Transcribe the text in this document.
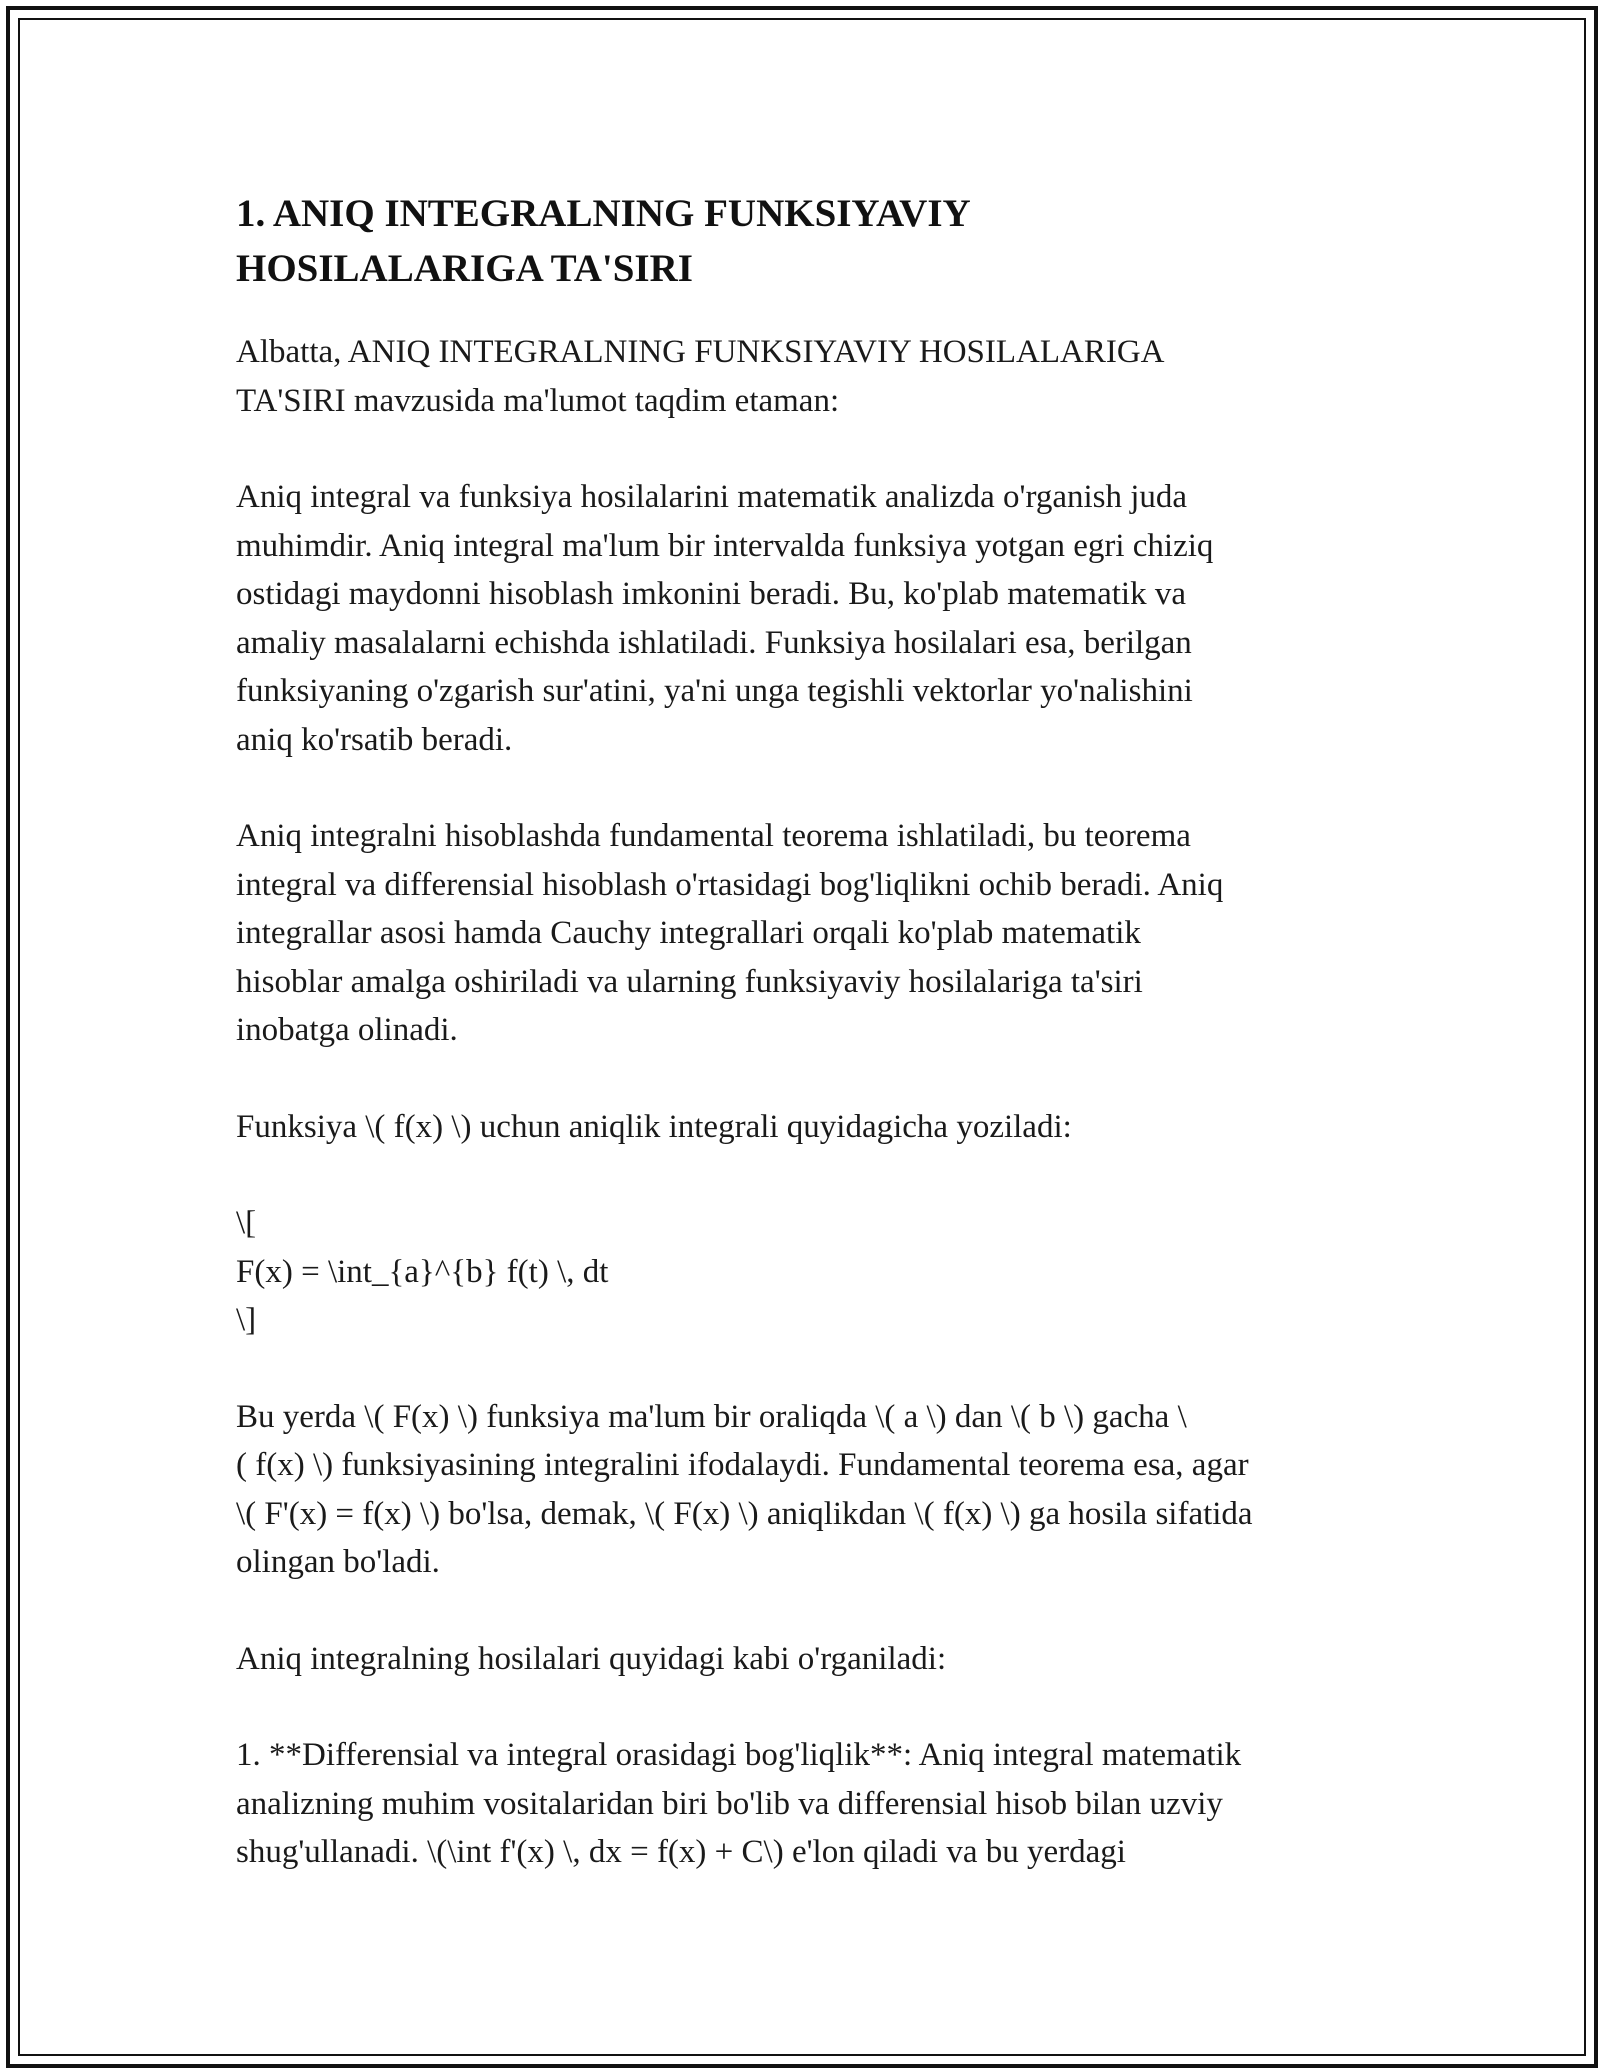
1. ANIQ INTEGRALNING FUNKSIYAVIY
HOSILALARIGA TA'SIRI

Albatta, ANIQ INTEGRALNING FUNKSIYAVIY HOSILALARIGA
TA'SIRI mavzusida ma'lumot taqdim etaman:

Aniq integral va funksiya hosilalarini matematik analizda o'rganish juda
muhimdir. Aniq integral ma'lum bir intervalda funksiya yotgan egri chiziq
ostidagi maydonni hisoblash imkonini beradi. Bu, ko'plab matematik va
amaliy masalalarni echishda ishlatiladi. Funksiya hosilalari esa, berilgan
funksiyaning o'zgarish sur'atini, ya'ni unga tegishli vektorlar yo'nalishini
aniq ko'rsatib beradi.

Aniq integralni hisoblashda fundamental teorema ishlatiladi, bu teorema
integral va differensial hisoblash o'rtasidagi bog'liqlikni ochib beradi. Aniq
integrallar asosi hamda Cauchy integrallari orqali ko'plab matematik
hisoblar amalga oshiriladi va ularning funksiyaviy hosilalariga ta'siri
inobatga olinadi.

Funksiya \( f(x) \) uchun aniqlik integrali quyidagicha yoziladi:

\[
F(x) = \int_{a}^{b} f(t) \, dt
\]

Bu yerda \( F(x) \) funksiya ma'lum bir oraliqda \( a \) dan \( b \) gacha \
( f(x) \) funksiyasining integralini ifodalaydi. Fundamental teorema esa, agar
\( F'(x) = f(x) \) bo'lsa, demak, \( F(x) \) aniqlikdan \( f(x) \) ga hosila sifatida
olingan bo'ladi.

Aniq integralning hosilalari quyidagi kabi o'rganiladi:

1. **Differensial va integral orasidagi bog'liqlik**: Aniq integral matematik
analizning muhim vositalaridan biri bo'lib va differensial hisob bilan uzviy
shug'ullanadi. \(\int f'(x) \, dx = f(x) + C\) e'lon qiladi va bu yerdagi
